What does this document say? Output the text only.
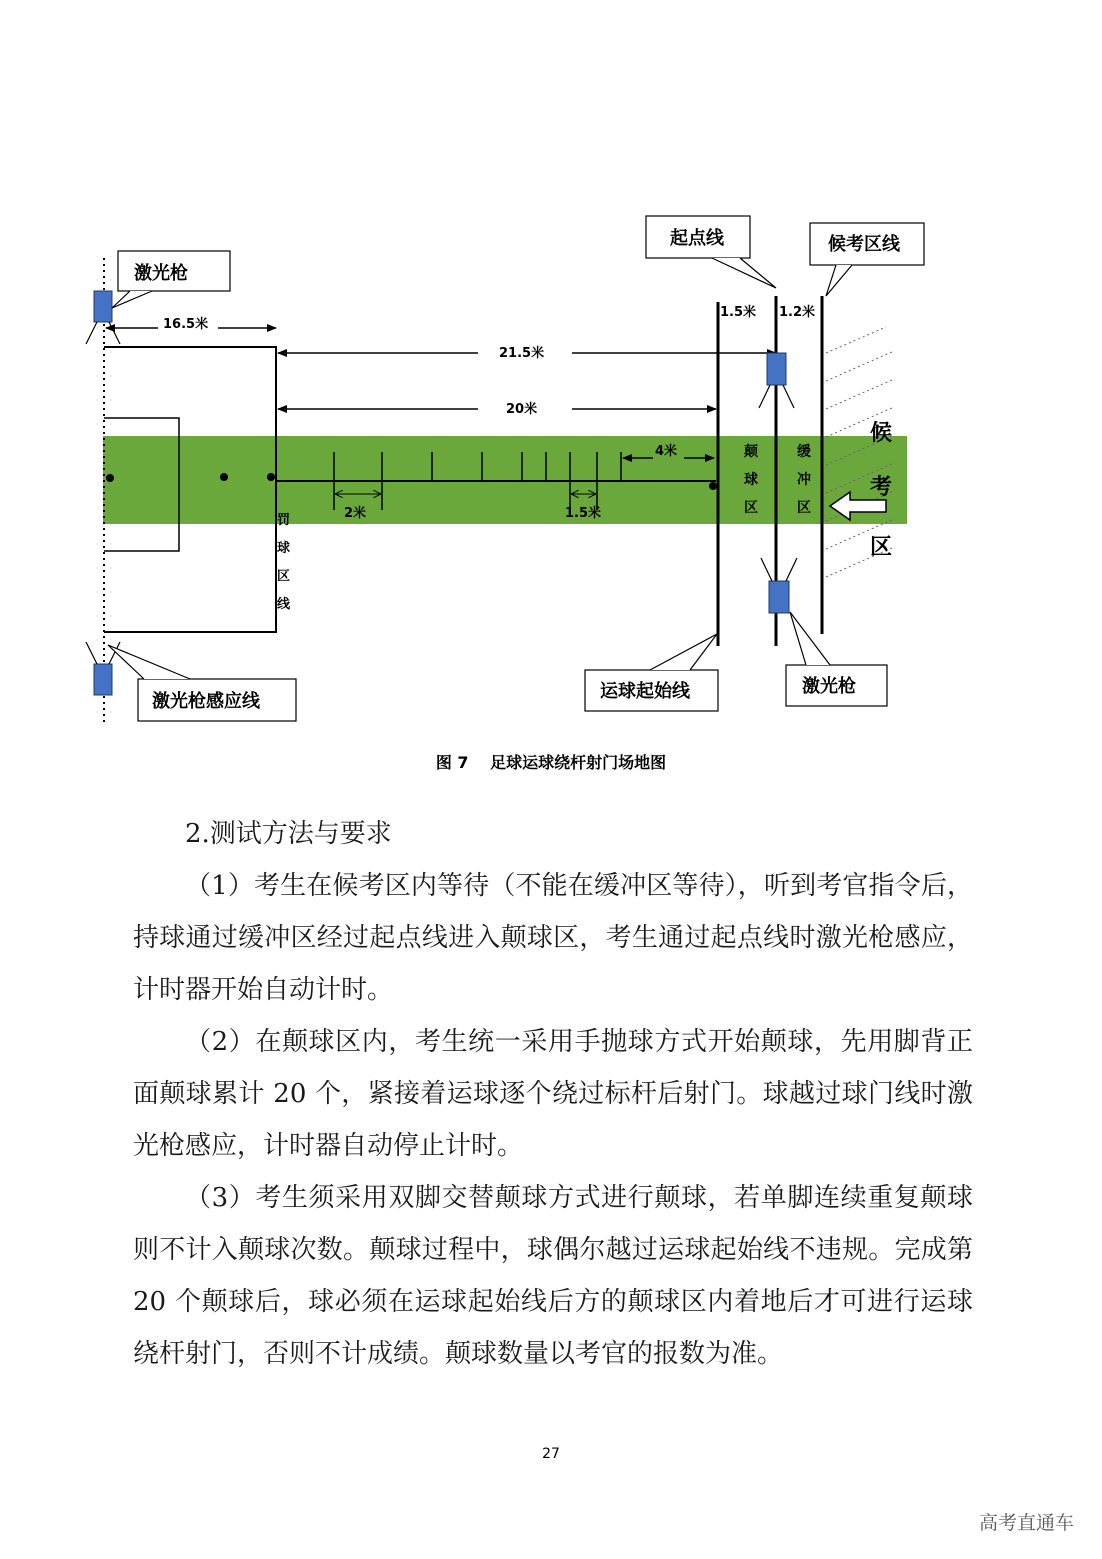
2米	1.5米
4米
16.5米
21.5米
20米
罚
球
区
线
1.5米 1.2米
颠
球
区
缓
冲
区
候
考
区
激光枪
起点线	候考区线
运球起始线	激光枪
激光枪感应线
图 7　 足球运球绕杆射门场地图

2.测试方法与要求

（1）考生在候考区内等待（不能在缓冲区等待），听到考官指令后，持球通过缓冲区经过起点线进入颠球区，考生通过起点线时激光枪感应，计时器开始自动计时。

（2）在颠球区内，考生统一采用手抛球方式开始颠球，先用脚背正面颠球累计 20 个，紧接着运球逐个绕过标杆后射门。球越过球门线时激光枪感应，计时器自动停止计时。

（3）考生须采用双脚交替颠球方式进行颠球，若单脚连续重复颠球则不计入颠球次数。颠球过程中，球偶尔越过运球起始线不违规。完成第 20 个颠球后，球必须在运球起始线后方的颠球区内着地后才可进行运球绕杆射门，否则不计成绩。颠球数量以考官的报数为准。

27
高考直通车
